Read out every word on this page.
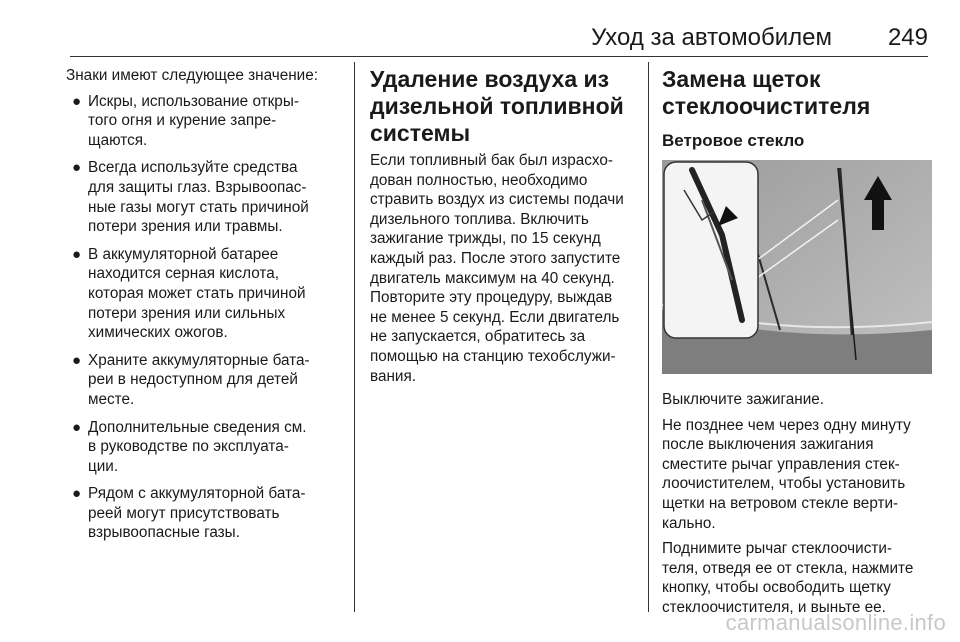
Уход за автомобилем 249

Знаки имеют следующее значение:

● Искры, использование откры-
того огня и курение запре-
щаются.
● Всегда используйте средства
для защиты глаз. Взрывоопас-
ные газы могут стать причиной
потери зрения или травмы.
● В аккумуляторной батарее
находится серная кислота,
которая может стать причиной
потери зрения или сильных
химических ожогов.
● Храните аккумуляторные бата-
реи в недоступном для детей
месте.
● Дополнительные сведения см.
в руководстве по эксплуата-
ции.
● Рядом с аккумуляторной бата-
реей могут присутствовать
взрывоопасные газы.
Удаление воздуха из
дизельной топливной
системы

Если топливный бак был израсхо-
дован полностью, необходимо
стравить воздух из системы подачи
дизельного топлива. Включить
зажигание трижды, по 15 секунд
каждый раз. После этого запустите
двигатель максимум на 40 секунд.
Повторите эту процедуру, выждав
не менее 5 секунд. Если двигатель
не запускается, обратитесь за
помощью на станцию техобслужи-
вания.

Замена щеток
стеклоочистителя
Ветровое стекло

Выключите зажигание.

Не позднее чем через одну минуту
после выключения зажигания
сместите рычаг управления стек-
лоочистителем, чтобы установить
щетки на ветровом стекле верти-
кально.

Поднимите рычаг стеклоочисти-
теля, отведя ее от стекла, нажмите
кнопку, чтобы освободить щетку
стеклоочистителя, и выньте ее.

carmanualsonline.info
